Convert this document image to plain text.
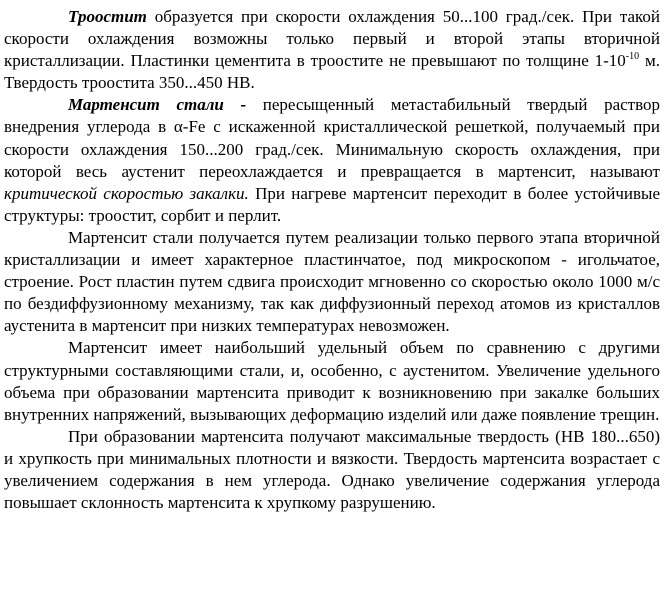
Троостит образуется при скорости охлаждения 50...100 град./сек. При такой скорости охлаждения возможны только первый и второй этапы вторичной кристаллизации. Пластинки цементита в троостите не превышают по толщине $1-10^{-10}$ м. Твердость троостита 350...450 HB.

Мартенсит стали - пересыщенный метастабильный твердый раствор внедрения углерода в α-Fe с искаженной кристаллической решеткой, получаемый при скорости охлаждения 150...200 град./сек. Минимальную скорость охлаждения, при которой весь аустенит переохлаждается и превращается в мартенсит, называют критической скоростью закалки. При нагреве мартенсит переходит в более устойчивые структуры: троостит, сорбит и перлит.

Мартенсит стали получается путем реализации только первого этапа вторичной кристаллизации и имеет характерное пластинчатое, под микроскопом - игольчатое, строение. Рост пластин путем сдвига происходит мгновенно со скоростью около 1000 м/с по бездиффузионному механизму, так как диффузионный переход атомов из кристаллов аустенита в мартенсит при низких температурах невозможен.

Мартенсит имеет наибольший удельный объем по сравнению с другими структурными составляющими стали, и, особенно, с аустенитом. Увеличение удельного объема при образовании мартенсита приводит к возникновению при закалке больших внутренних напряжений, вызывающих деформацию изделий или даже появление трещин.

При образовании мартенсита получают максимальные твердость (HB 180...650) и хрупкость при минимальных плотности и вязкости. Твердость мартенсита возрастает с увеличением содержания в нем углерода. Однако увеличение содержания углерода повышает склонность мартенсита к хрупкому разрушению.
